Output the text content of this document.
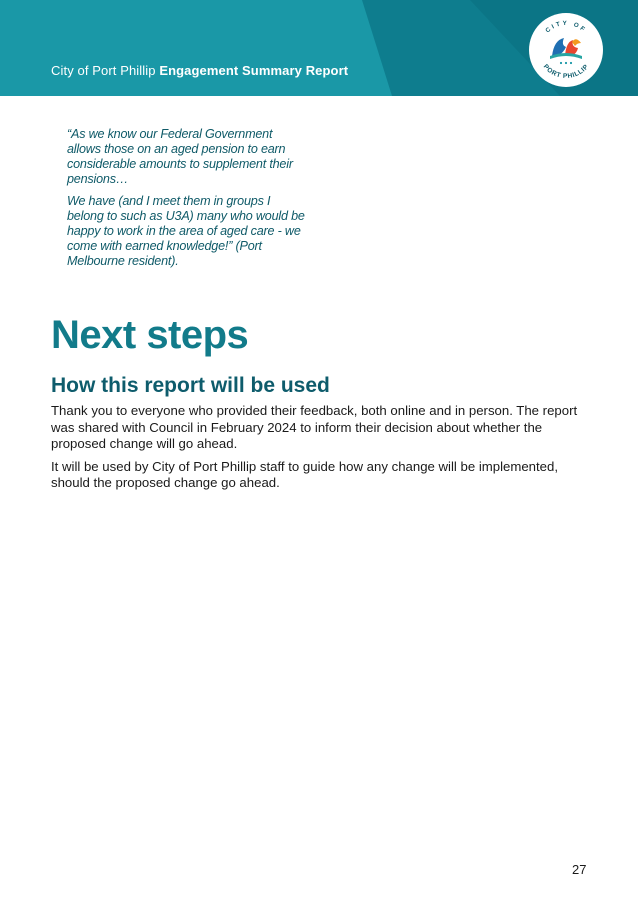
City of Port Phillip Engagement Summary Report
CITY OF
PORT PHILLIP

“As we know our Federal Government allows those on an aged pension to earn considerable amounts to supplement their pensions…

We have (and I meet them in groups I belong to such as U3A) many who would be happy to work in the area of aged care - we come with earned knowledge!” (Port Melbourne resident).

Next steps
How this report will be used

Thank you to everyone who provided their feedback, both online and in person. The report was shared with Council in February 2024 to inform their decision about whether the proposed change will go ahead.

It will be used by City of Port Phillip staff to guide how any change will be implemented, should the proposed change go ahead.

27
